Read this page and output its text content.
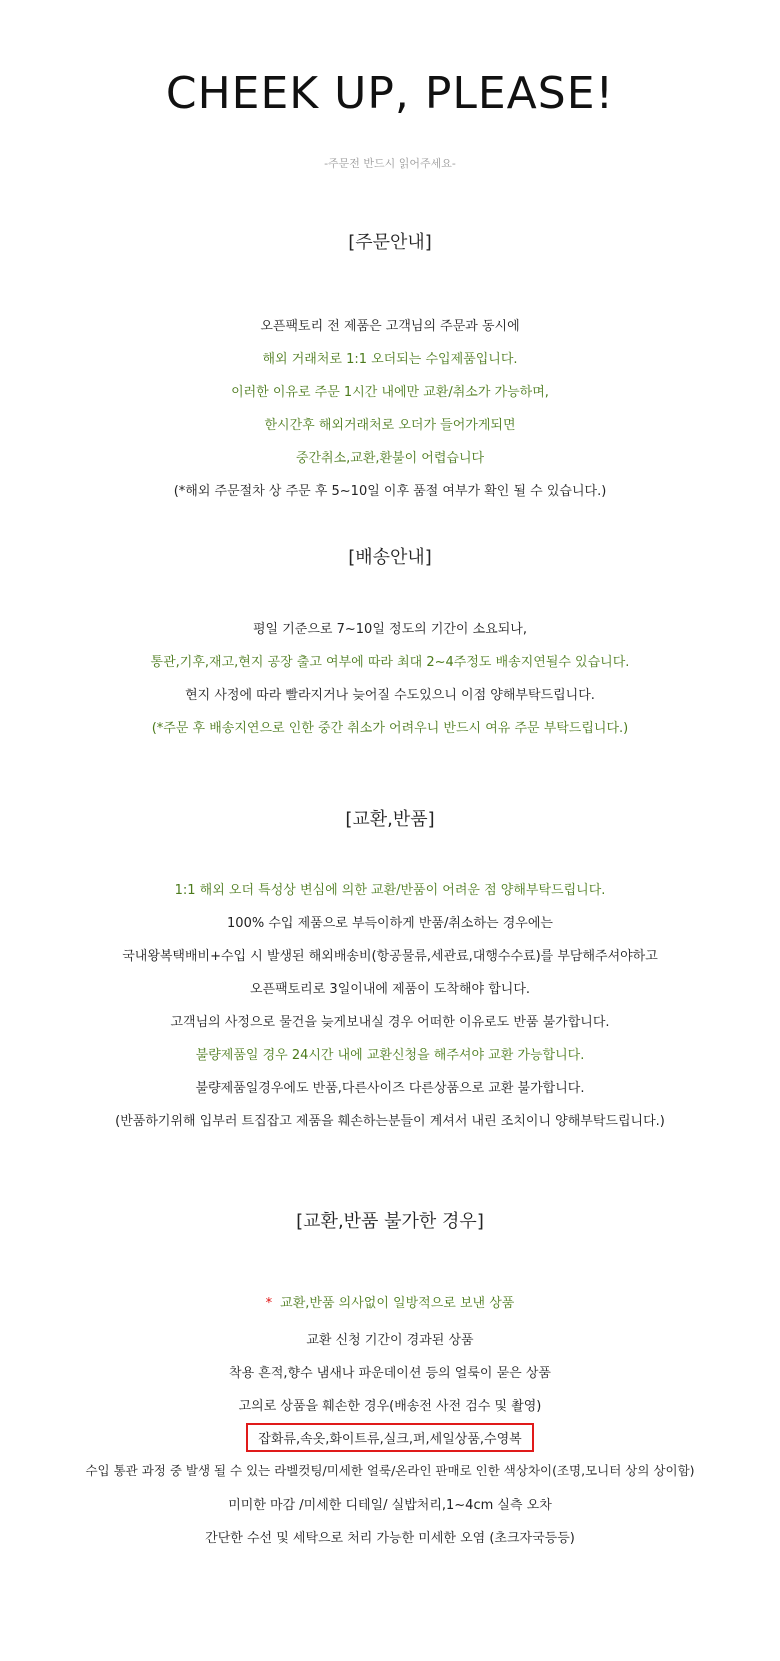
CHEEK UP, PLEASE!
-주문전 반드시 읽어주세요-
[주문안내]
오픈팩토리 전 제품은 고객님의 주문과 동시에
해외 거래처로 1:1 오더되는 수입제품입니다.
이러한 이유로 주문 1시간 내에만 교환/취소가 가능하며,
한시간후 해외거래처로 오더가 들어가게되면
중간취소,교환,환불이 어렵습니다
(*해외 주문절차 상 주문 후 5~10일 이후 품절 여부가 확인 될 수 있습니다.)
[배송안내]
평일 기준으로 7~10일 정도의 기간이 소요되나,
통관,기후,재고,현지 공장 출고 여부에 따라 최대 2~4주정도 배송지연될수 있습니다.
현지 사정에 따라 빨라지거나 늦어질 수도있으니 이점 양해부탁드립니다.
(*주문 후 배송지연으로 인한 중간 취소가 어려우니 반드시 여유 주문 부탁드립니다.)
[교환,반품]
1:1 해외 오더 특성상 변심에 의한 교환/반품이 어려운 점 양해부탁드립니다.
100% 수입 제품으로 부득이하게 반품/취소하는 경우에는
국내왕복택배비+수입 시 발생된 해외배송비(항공물류,세관료,대행수수료)를 부담해주셔야하고
오픈팩토리로 3일이내에 제품이 도착해야 합니다.
고객님의 사정으로 물건을 늦게보내실 경우 어떠한 이유로도 반품 불가합니다.
불량제품일 경우 24시간 내에 교환신청을 해주셔야 교환 가능합니다.
불량제품일경우에도 반품,다른사이즈 다른상품으로 교환 불가합니다.
(반품하기위해 입부러 트집잡고 제품을 훼손하는분들이 계셔서 내린 조치이니 양해부탁드립니다.)
[교환,반품 불가한 경우]
* 교환,반품 의사없이 일방적으로 보낸 상품
교환 신청 기간이 경과된 상품
착용 흔적,향수 냄새나 파운데이션 등의 얼룩이 묻은 상품
고의로 상품을 훼손한 경우(배송전 사전 검수 및 촬영)
잡화류,속옷,화이트류,실크,퍼,세일상품,수영복
수입 통관 과정 중 발생 될 수 있는 라벨컷팅/미세한 얼룩/온라인 판매로 인한 색상차이(조명,모니터 상의 상이함)
미미한 마감 /미세한 디테일/ 실밥처리,1~4cm 실측 오차
간단한 수선 및 세탁으로 처리 가능한 미세한 오염 (초크자국등등)
